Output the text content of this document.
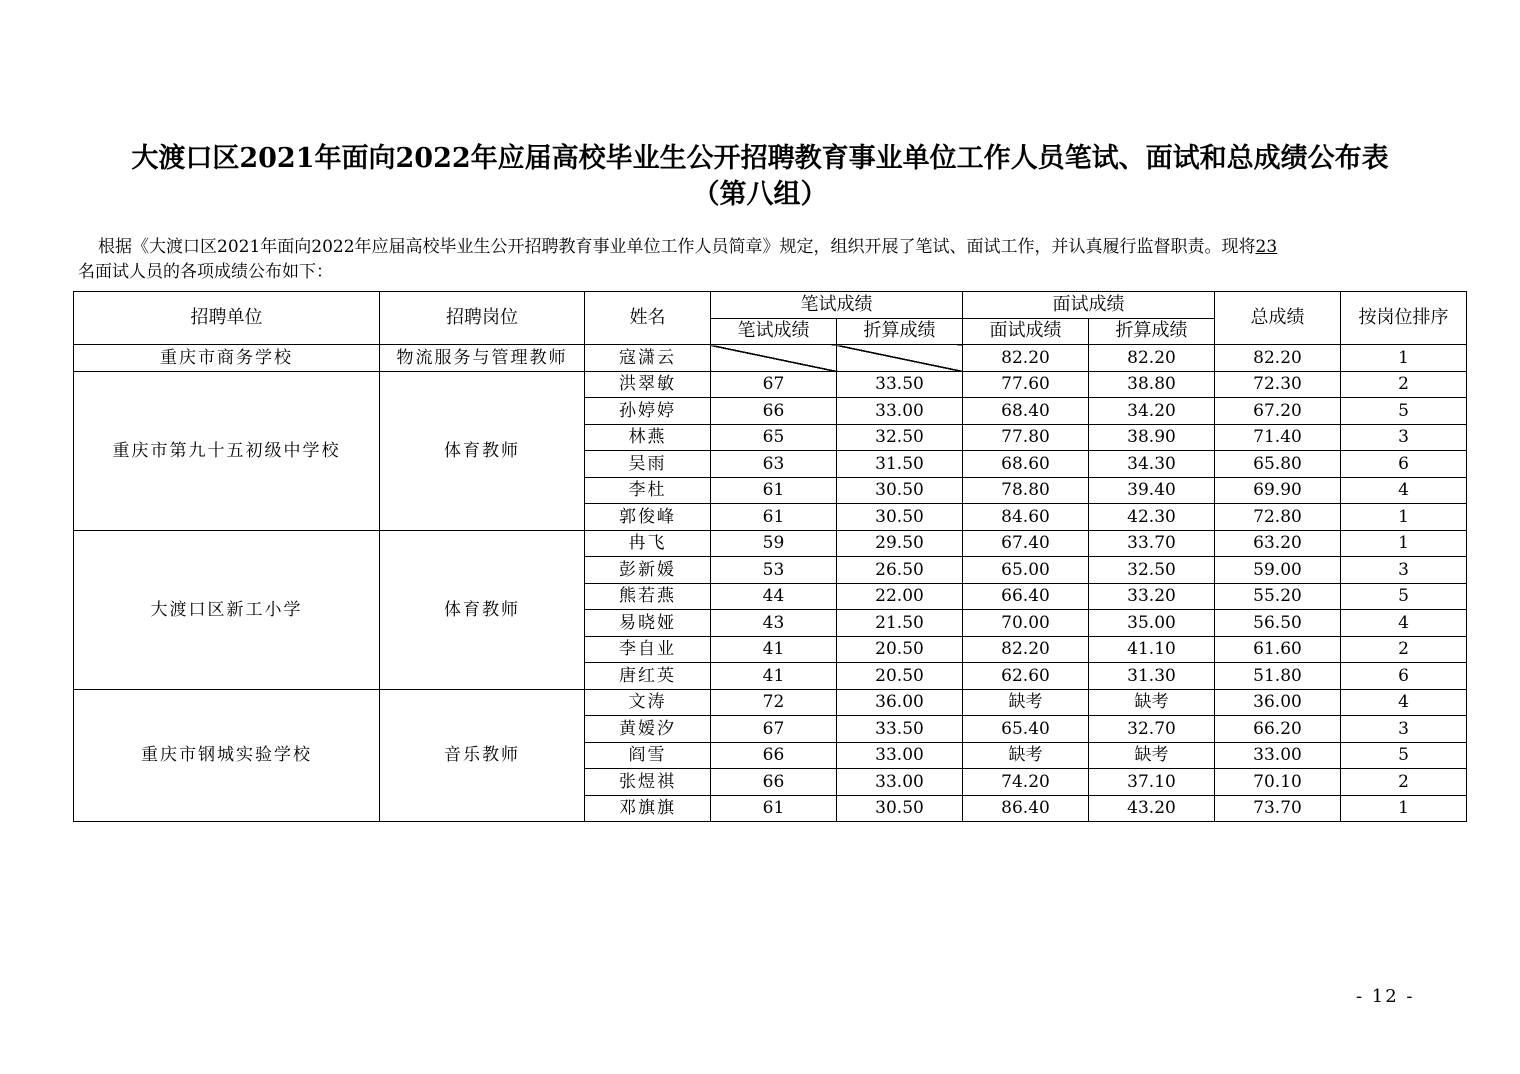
大渡口区2021年面向2022年应届高校毕业生公开招聘教育事业单位工作人员笔试、面试和总成绩公布表
（第八组）
根据《大渡口区2021年面向2022年应届高校毕业生公开招聘教育事业单位工作人员简章》规定，组织开展了笔试、面试工作，并认真履行监督职责。现将23
名面试人员的各项成绩公布如下：
招聘单位	招聘岗位	姓名	笔试成绩		面试成绩		总成绩	按岗位排序
			笔试成绩	折算成绩	面试成绩	折算成绩		
重庆市商务学校	物流服务与管理教师	寇潇云			82.20	82.20	82.20	1
重庆市第九十五初级中学校	体育教师	洪翠敏	67	33.50	77.60	38.80	72.30	2
		孙婷婷	66	33.00	68.40	34.20	67.20	5
		林燕	65	32.50	77.80	38.90	71.40	3
		吴雨	63	31.50	68.60	34.30	65.80	6
		李杜	61	30.50	78.80	39.40	69.90	4
		郭俊峰	61	30.50	84.60	42.30	72.80	1
大渡口区新工小学	体育教师	冉飞	59	29.50	67.40	33.70	63.20	1
		彭新媛	53	26.50	65.00	32.50	59.00	3
		熊若燕	44	22.00	66.40	33.20	55.20	5
		易晓娅	43	21.50	70.00	35.00	56.50	4
		李自业	41	20.50	82.20	41.10	61.60	2
		唐红英	41	20.50	62.60	31.30	51.80	6
重庆市钢城实验学校	音乐教师	文涛	72	36.00	缺考	缺考	36.00	4
		黄嫒汐	67	33.50	65.40	32.70	66.20	3
		阎雪	66	33.00	缺考	缺考	33.00	5
		张煜祺	66	33.00	74.20	37.10	70.10	2
		邓旗旗	61	30.50	86.40	43.20	73.70	1
- 12 -
